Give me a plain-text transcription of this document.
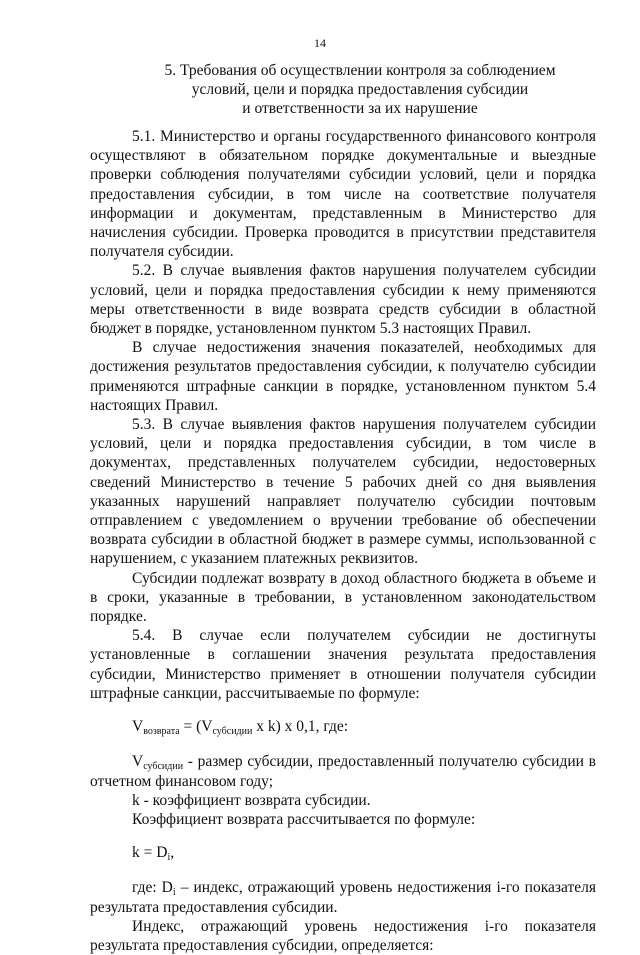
14
5. Требования об осуществлении контроля за соблюдением
условий, цели и порядка предоставления субсидии
и ответственности за их нарушение

5.1. Министерство и органы государственного финансового контроля осуществляют в обязательном порядке документальные и выездные проверки соблюдения получателями субсидии условий, цели и порядка предоставления субсидии, в том числе на соответствие получателя информации и документам, представленным в Министерство для начисления субсидии. Проверка проводится в присутствии представителя получателя субсидии.

5.2. В случае выявления фактов нарушения получателем субсидии условий, цели и порядка предоставления субсидии к нему применяются меры ответственности в виде возврата средств субсидии в областной бюджет в порядке, установленном пунктом 5.3 настоящих Правил.

В случае недостижения значения показателей, необходимых для достижения результатов предоставления субсидии, к получателю субсидии применяются штрафные санкции в порядке, установленном пунктом 5.4 настоящих Правил.

5.3. В случае выявления фактов нарушения получателем субсидии условий, цели и порядка предоставления субсидии, в том числе в документах, представленных получателем субсидии, недостоверных сведений Министерство в течение 5 рабочих дней со дня выявления указанных нарушений направляет получателю субсидии почтовым отправлением с уведомлением о вручении требование об обеспечении возврата субсидии в областной бюджет в размере суммы, использованной с нарушением, с указанием платежных реквизитов.

Субсидии подлежат возврату в доход областного бюджета в объеме и в сроки, указанные в требовании, в установленном законодательством порядке.

5.4. В случае если получателем субсидии не достигнуты установленные в соглашении значения результата предоставления субсидии, Министерство применяет в отношении получателя субсидии штрафные санкции, рассчитываемые по формуле:

$V_{возврата} = (V_{субсидии}$ x k) x 0,1, где:

$V_{субсидии}$ - размер субсидии, предоставленный получателю субсидии в отчетном финансовом году;

k - коэффициент возврата субсидии.

Коэффициент возврата рассчитывается по формуле:

$k = D_i$,

где: $D_i$ – индекс, отражающий уровень недостижения i-го показателя результата предоставления субсидии.

Индекс, отражающий уровень недостижения i-го показателя результата предоставления субсидии, определяется:
